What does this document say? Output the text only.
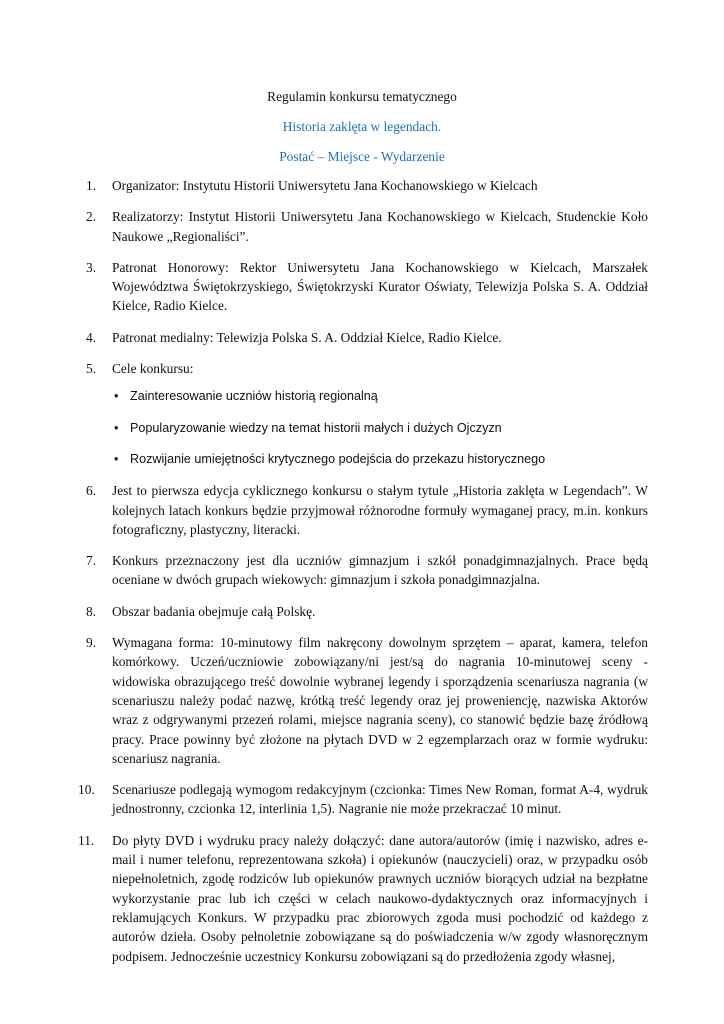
Regulamin konkursu tematycznego

Historia zaklęta w legendach.

Postać – Miejsce - Wydarzenie

1. Organizator: Instytutu Historii Uniwersytetu Jana Kochanowskiego w Kielcach
2. Realizatorzy: Instytut Historii Uniwersytetu Jana Kochanowskiego w Kielcach, Studenckie Koło Naukowe „Regionaliści”.
3. Patronat Honorowy: Rektor Uniwersytetu Jana Kochanowskiego w Kielcach, Marszałek Województwa Świętokrzyskiego, Świętokrzyski Kurator Oświaty, Telewizja Polska S. A. Oddział Kielce, Radio Kielce.
4. Patronat medialny: Telewizja Polska S. A. Oddział Kielce, Radio Kielce.
5. Cele konkursu:
• Zainteresowanie uczniów historią regionalną
• Popularyzowanie wiedzy na temat historii małych i dużych Ojczyzn
• Rozwijanie umiejętności krytycznego podejścia do przekazu historycznego
6. Jest to pierwsza edycja cyklicznego konkursu o stałym tytule „Historia zaklęta w Legendach”. W kolejnych latach konkurs będzie przyjmował różnorodne formuły wymaganej pracy, m.in. konkurs fotograficzny, plastyczny, literacki.
7. Konkurs przeznaczony jest dla uczniów gimnazjum i szkół ponadgimnazjalnych. Prace będą oceniane w dwóch grupach wiekowych: gimnazjum i szkoła ponadgimnazjalna.
8. Obszar badania obejmuje całą Polskę.
9. Wymagana forma: 10-minutowy film nakręcony dowolnym sprzętem – aparat, kamera, telefon komórkowy. Uczeń/uczniowie zobowiązany/ni jest/są do nagrania 10-minutowej sceny - widowiska obrazującego treść dowolnie wybranej legendy i sporządzenia scenariusza nagrania (w scenariuszu należy podać nazwę, krótką treść legendy oraz jej proweniencję, nazwiska Aktorów wraz z odgrywanymi przezeń rolami, miejsce nagrania sceny), co stanowić będzie bazę źródłową pracy. Prace powinny być złożone na płytach DVD w 2 egzemplarzach oraz w formie wydruku: scenariusz nagrania.
10. Scenariusze podlegają wymogom redakcyjnym (czcionka: Times New Roman, format A-4, wydruk jednostronny, czcionka 12, interlinia 1,5). Nagranie nie może przekraczać 10 minut.
11. Do płyty DVD i wydruku pracy należy dołączyć: dane autora/autorów (imię i nazwisko, adres e-mail i numer telefonu, reprezentowana szkoła) i opiekunów (nauczycieli) oraz, w przypadku osób niepełnoletnich, zgodę rodziców lub opiekunów prawnych uczniów biorących udział na bezpłatne wykorzystanie prac lub ich części w celach naukowo-dydaktycznych oraz informacyjnych i reklamujących Konkurs. W przypadku prac zbiorowych zgoda musi pochodzić od każdego z autorów dzieła. Osoby pełnoletnie zobowiązane są do poświadczenia w/w zgody własnoręcznym podpisem. Jednocześnie uczestnicy Konkursu zobowiązani są do przedłożenia zgody własnej,
